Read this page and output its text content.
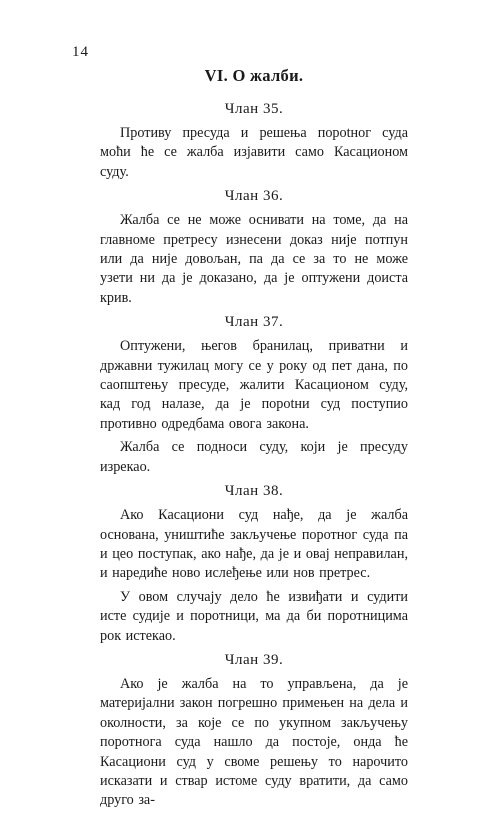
14
VI. О жалби.
Члан 35.

Противу пресуда и решења пороtног суда моћи ће се жалба изјавити само Касационом суду.

Члан 36.

Жалба се не може оснивати на томе, да на главноме претресу изнесени доказ није потпун или да није довољан, па да се за то не може узети ни да је доказано, да је оптужени доиста крив.

Члан 37.

Оптужени, његов бранилац, приватни и државни тужилац могу се у року од пет дана, по саопштењу пресуде, жалити Касационом суду, кад год налазе, да је пороtни суд поступио противно одредбама овога закона.

Жалба се подноси суду, који је пресуду изрекао.

Члан 38.

Ако Касациони суд нађе, да је жалба основана, уништиће закључење поротног суда па и цео поступак, ако нађе, да је и овај неправилан, и нaредиће ново ислеђење или нов претрес.

У овом случају дело ће извиђати и судити исте судије и поротници, ма да би поротницима рок истекао.

Члан 39.

Ако је жалба на то управљена, да је материјални закон погрешно примењен на дела и околности, за које се по укупном закључењу поротнога суда нашло да постоје, онда ће Касациони суд у своме решењу то нарочито исказати и ствар истоме суду вратити, да само друго за-
